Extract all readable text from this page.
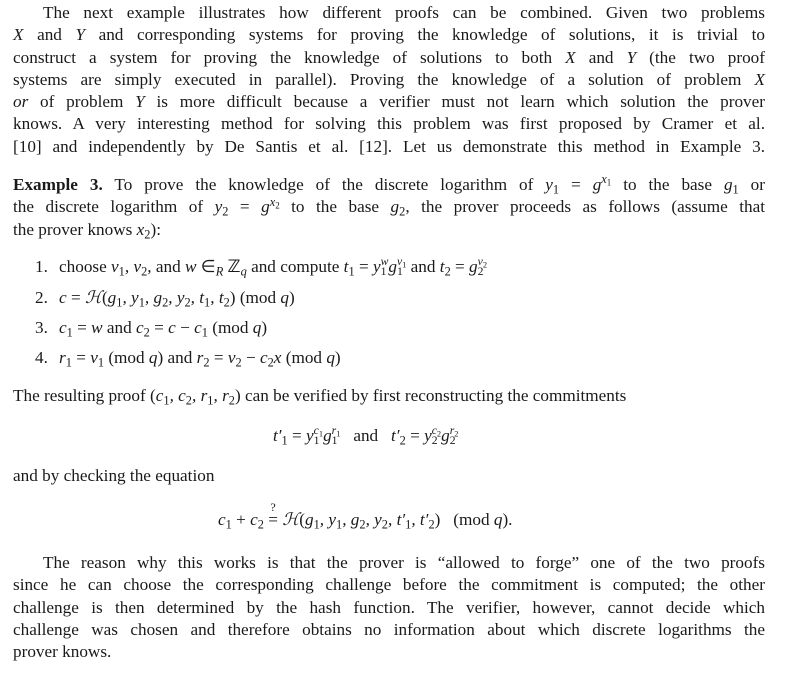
The next example illustrates how different proofs can be combined. Given two problems
X and Y and corresponding systems for proving the knowledge of solutions, it is trivial to
construct a system for proving the knowledge of solutions to both X and Y (the two proof
systems are simply executed in parallel). Proving the knowledge of a solution of problem X
or of problem Y is more difficult because a verifier must not learn which solution the prover
knows. A very interesting method for solving this problem was first proposed by Cramer et al.
[10] and independently by De Santis et al. [12]. Let us demonstrate this method in Example 3.
Example 3. To prove the knowledge of the discrete logarithm of $y_1 = g^{x_1}$ to the base $g_1$ or
the discrete logarithm of $y_2 = g^{x_2}$ to the base $g_2$, the prover proceeds as follows (assume that
the prover knows $x_2$):
1. choose $v_1$, $v_2$, and w $\in_R$ ℤ$_q$ and compute $t_1 = y$ w
1 g $v_1$
1 and $t_2 = g$ $v_2$
2
2. $c = ℋ(g_1$, $y_1$, $g_2$, $y_2$, $t_1$, $t_2$) (mod q)
3. $c_1 = w$ and $c_2 = c - c_1$ (mod q)
4. $r_1 = v_1$ (mod q) and $r_2 = v_2 - c_2x$ (mod q)
The resulting proof ($c_1$, $c_2$, $r_1$, $r_2$) can be verified by first reconstructing the commitments
$t'_1 = y$ $c_1$
1 g $r_1$
1 and $t'_2 = y$ $c_2$
2 g $r_2$
2
and by checking the equation
$c_1 + c_2$
?
= $ℋ(g_1$, $y_1$, $g_2$, $y_2$, $t'_1$, $t'_2$)   (mod q).
The reason why this works is that the prover is “allowed to forge” one of the two proofs
since he can choose the corresponding challenge before the commitment is computed; the other
challenge is then determined by the hash function. The verifier, however, cannot decide which
challenge was chosen and therefore obtains no information about which discrete logarithms the
prover knows.
